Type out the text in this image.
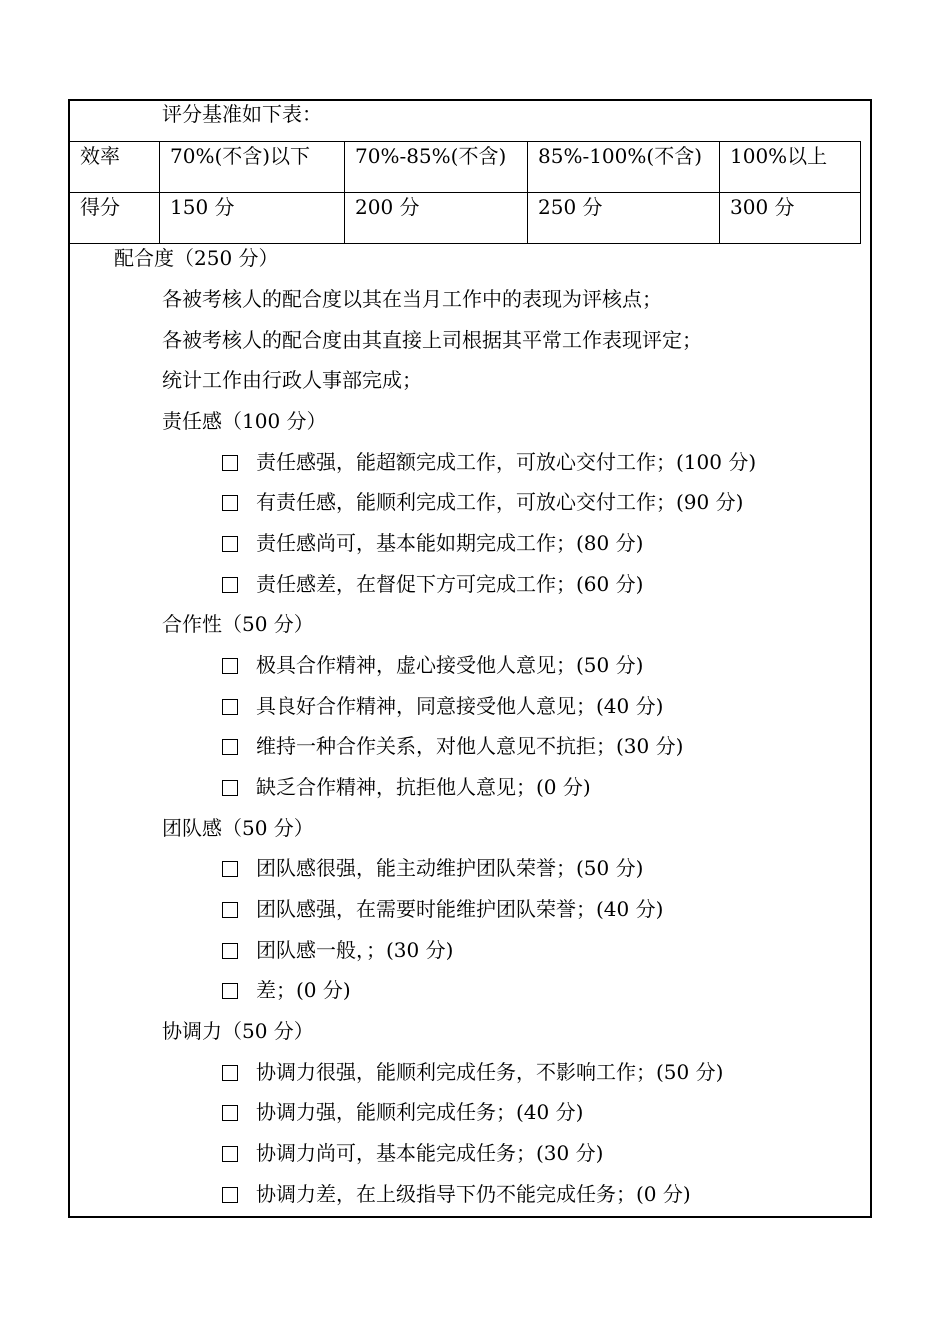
评分基准如下表：
效率	70%(不含)以下	70%-85%(不含)	85%-100%(不含)	100%以上
得分	150 分	200 分	250 分	300 分
配合度（250 分）
各被考核人的配合度以其在当月工作中的表现为评核点；
各被考核人的配合度由其直接上司根据其平常工作表现评定；
统计工作由行政人事部完成；
责任感（100 分）
责任感强，能超额完成工作，可放心交付工作；(100 分)
有责任感，能顺利完成工作，可放心交付工作；(90 分)
责任感尚可，基本能如期完成工作；(80 分)
责任感差，在督促下方可完成工作；(60 分)
合作性（50 分）
极具合作精神，虚心接受他人意见；(50 分)
具良好合作精神，同意接受他人意见；(40 分)
维持一种合作关系，对他人意见不抗拒；(30 分)
缺乏合作精神，抗拒他人意见；(0 分)
团队感（50 分）
团队感很强，能主动维护团队荣誉；(50 分)
团队感强，在需要时能维护团队荣誉；(40 分)
团队感一般，；(30 分)
差；(0 分)
协调力（50 分）
协调力很强，能顺利完成任务，不影响工作；(50 分)
协调力强，能顺利完成任务；(40 分)
协调力尚可，基本能完成任务；(30 分)
协调力差，在上级指导下仍不能完成任务；(0 分)
